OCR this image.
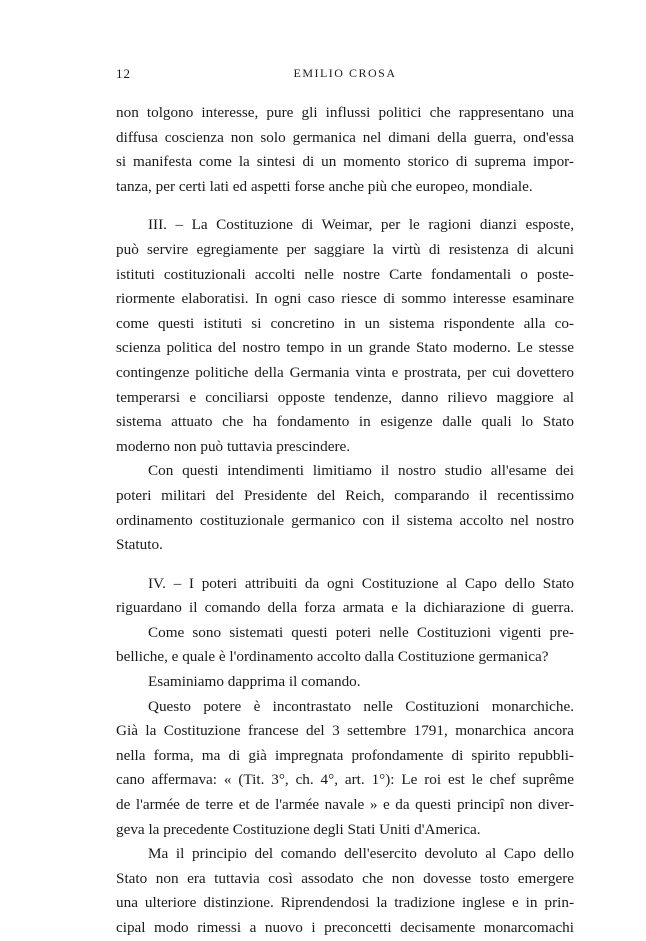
12	EMILIO CROSA
non tolgono interesse, pure gli influssi politici che rappresentano una
diffusa coscienza non solo germanica nel dimani della guerra, ond'essa
si manifesta come la sintesi di un momento storico di suprema impor-
tanza, per certi lati ed aspetti forse anche più che europeo, mondiale.
III. – La Costituzione di Weimar, per le ragioni dianzi esposte,
può servire egregiamente per saggiare la virtù di resistenza di alcuni
istituti costituzionali accolti nelle nostre Carte fondamentali o poste-
riormente elaboratisi. In ogni caso riesce di sommo interesse esaminare
come questi istituti si concretino in un sistema rispondente alla co-
scienza politica del nostro tempo in un grande Stato moderno. Le stesse
contingenze politiche della Germania vinta e prostrata, per cui dovettero
temperarsi e conciliarsi opposte tendenze, danno rilievo maggiore al
sistema attuato che ha fondamento in esigenze dalle quali lo Stato
moderno non può tuttavia prescindere.
Con questi intendimenti limitiamo il nostro studio all'esame dei
poteri militari del Presidente del Reich, comparando il recentissimo
ordinamento costituzionale germanico con il sistema accolto nel nostro
Statuto.
IV. – I poteri attribuiti da ogni Costituzione al Capo dello Stato
riguardano il comando della forza armata e la dichiarazione di guerra.
Come sono sistemati questi poteri nelle Costituzioni vigenti pre-
belliche, e quale è l'ordinamento accolto dalla Costituzione germanica?
Esaminiamo dapprima il comando.
Questo potere è incontrastato nelle Costituzioni monarchiche.
Già la Costituzione francese del 3 settembre 1791, monarchica ancora
nella forma, ma di già impregnata profondamente di spirito repubbli-
cano affermava: « (Tit. 3°, ch. 4°, art. 1°): Le roi est le chef suprême
de l'armée de terre et de l'armée navale » e da questi principî non diver-
geva la precedente Costituzione degli Stati Uniti d'America.
Ma il principio del comando dell'esercito devoluto al Capo dello
Stato non era tuttavia così assodato che non dovesse tosto emergere
una ulteriore distinzione. Riprendendosi la tradizione inglese e in prin-
cipal modo rimessi a nuovo i preconcetti decisamente monarcomachi
